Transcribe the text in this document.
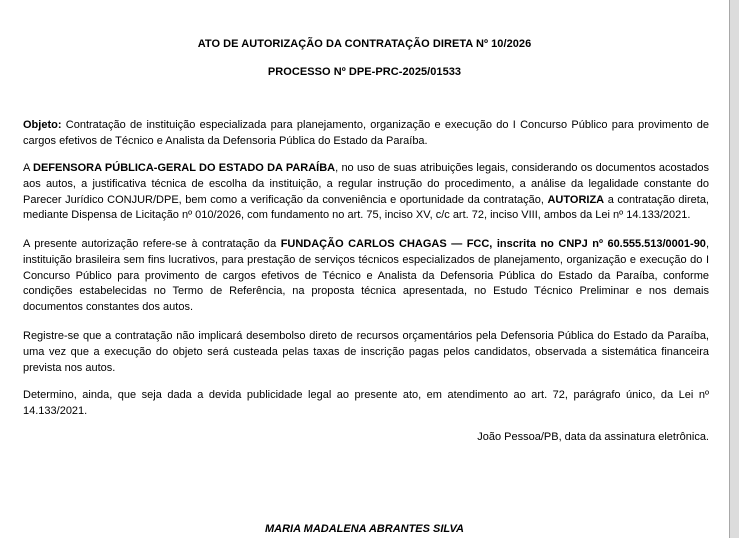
ATO DE AUTORIZAÇÃO DA CONTRATAÇÃO DIRETA Nº 10/2026

PROCESSO Nº DPE-PRC-2025/01533

Objeto: Contratação de instituição especializada para planejamento, organização e execução do I Concurso Público para provimento de cargos efetivos de Técnico e Analista da Defensoria Pública do Estado da Paraíba.

A DEFENSORA PÚBLICA-GERAL DO ESTADO DA PARAÍBA, no uso de suas atribuições legais, considerando os documentos acostados aos autos, a justificativa técnica de escolha da instituição, a regular instrução do procedimento, a análise da legalidade constante do Parecer Jurídico CONJUR/DPE, bem como a verificação da conveniência e oportunidade da contratação, AUTORIZA a contratação direta, mediante Dispensa de Licitação nº 010/2026, com fundamento no art. 75, inciso XV, c/c art. 72, inciso VIII, ambos da Lei nº 14.133/2021.

A presente autorização refere-se à contratação da FUNDAÇÃO CARLOS CHAGAS — FCC, inscrita no CNPJ nº 60.555.513/0001-90, instituição brasileira sem fins lucrativos, para prestação de serviços técnicos especializados de planejamento, organização e execução do I Concurso Público para provimento de cargos efetivos de Técnico e Analista da Defensoria Pública do Estado da Paraíba, conforme condições estabelecidas no Termo de Referência, na proposta técnica apresentada, no Estudo Técnico Preliminar e nos demais documentos constantes dos autos.

Registre-se que a contratação não implicará desembolso direto de recursos orçamentários pela Defensoria Pública do Estado da Paraíba, uma vez que a execução do objeto será custeada pelas taxas de inscrição pagas pelos candidatos, observada a sistemática financeira prevista nos autos.

Determino, ainda, que seja dada a devida publicidade legal ao presente ato, em atendimento ao art. 72, parágrafo único, da Lei nº 14.133/2021.

João Pessoa/PB, data da assinatura eletrônica.

MARIA MADALENA ABRANTES SILVA
